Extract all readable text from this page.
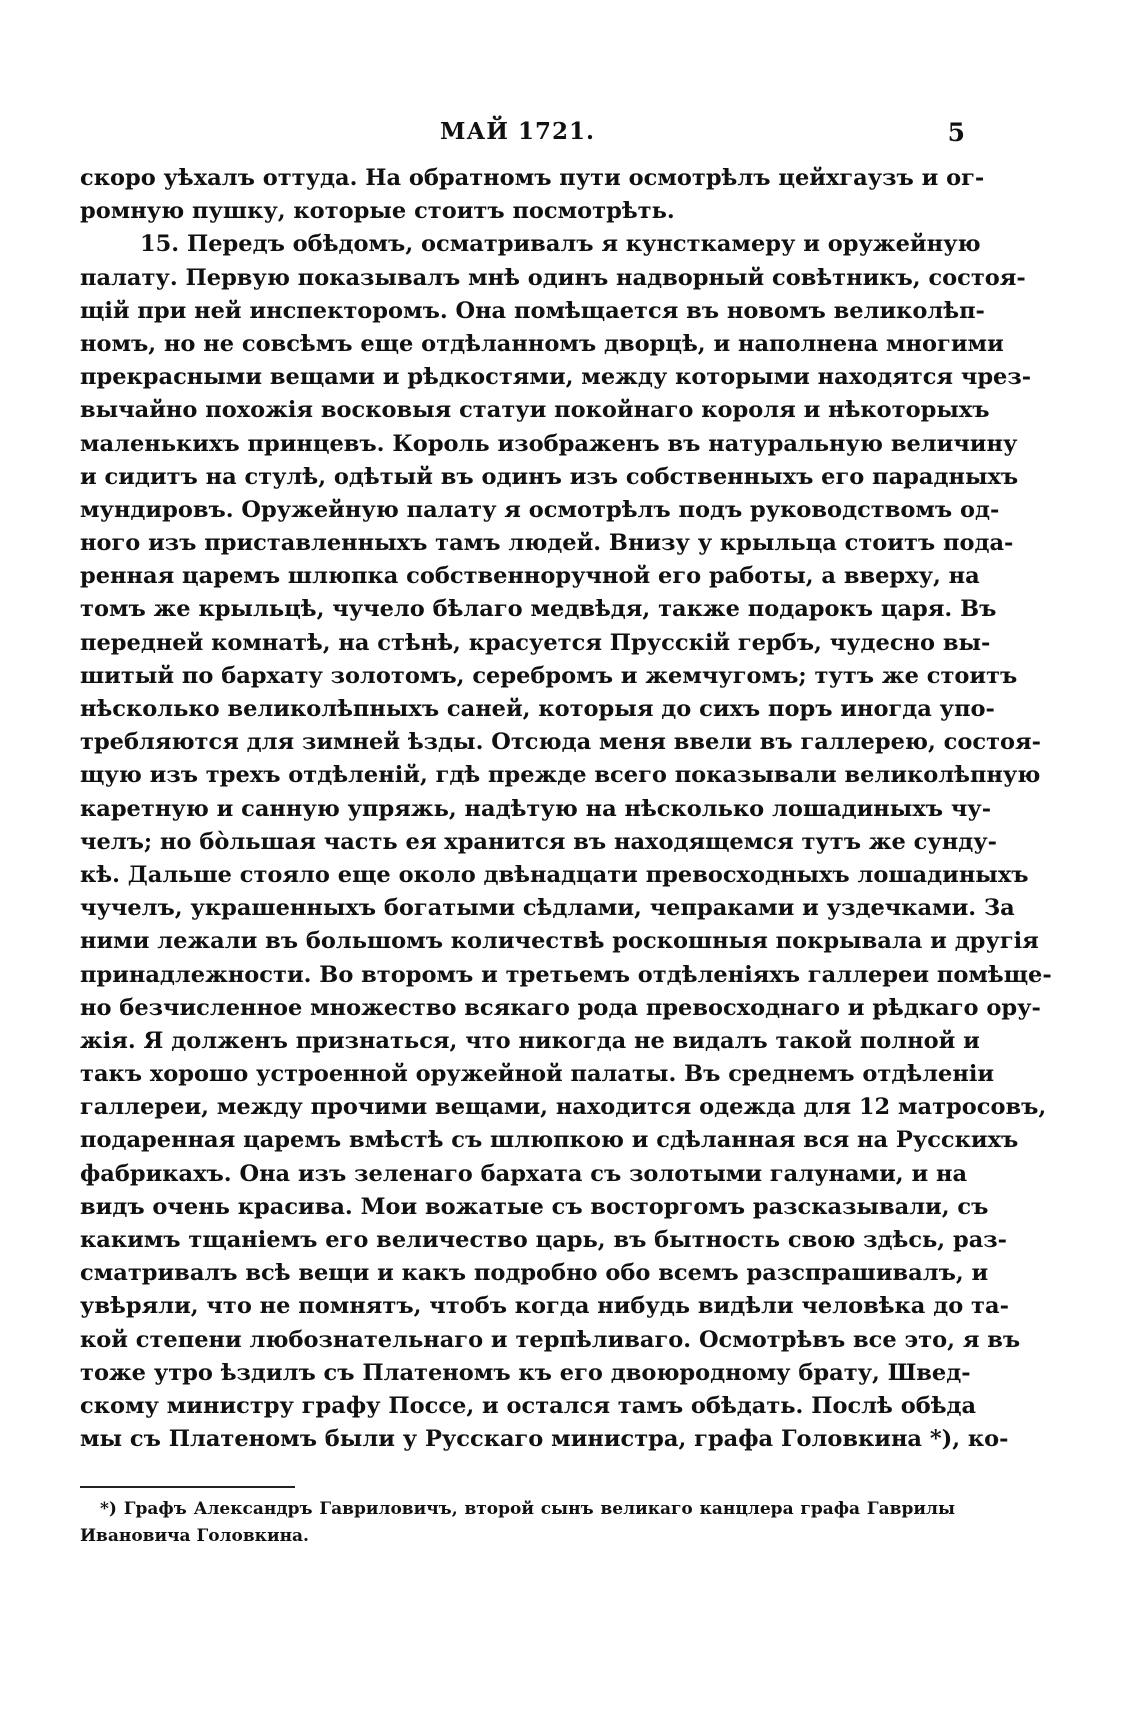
МАЙ 1721.	5
скоро уѣхалъ оттуда. На обратномъ пути осмотрѣлъ цейхгаузъ и ог-
ромную пушку, которые стоитъ посмотрѣть.
15. Передъ обѣдомъ, осматривалъ я кунсткамеру и оружейную
палату. Первую показывалъ мнѣ одинъ надворный совѣтникъ, состоя-
щій при ней инспекторомъ. Она помѣщается въ новомъ великолѣп-
номъ, но не совсѣмъ еще отдѣланномъ дворцѣ, и наполнена многими
прекрасными вещами и рѣдкостями, между которыми находятся чрез-
вычайно похожія восковыя статуи покойнаго короля и нѣкоторыхъ
маленькихъ принцевъ. Король изображенъ въ натуральную величину
и сидитъ на стулѣ, одѣтый въ одинъ изъ собственныхъ его парадныхъ
мундировъ. Оружейную палату я осмотрѣлъ подъ руководствомъ од-
ного изъ приставленныхъ тамъ людей. Внизу у крыльца стоитъ пода-
ренная царемъ шлюпка собственноручной его работы, а вверху, на
томъ же крыльцѣ, чучело бѣлаго медвѣдя, также подарокъ царя. Въ
передней комнатѣ, на стѣнѣ, красуется Прусскій гербъ, чудесно вы-
шитый по бархату золотомъ, серебромъ и жемчугомъ; тутъ же стоитъ
нѣсколько великолѣпныхъ саней, которыя до сихъ поръ иногда упо-
требляются для зимней ѣзды. Отсюда меня ввели въ галлерею, состоя-
щую изъ трехъ отдѣленій, гдѣ прежде всего показывали великолѣпную
каретную и санную упряжь, надѣтую на нѣсколько лошадиныхъ чу-
челъ; но бо̀льшая часть ея хранится въ находящемся тутъ же сунду-
кѣ. Дальше стояло еще около двѣнадцати превосходныхъ лошадиныхъ
чучелъ, украшенныхъ богатыми сѣдлами, чепраками и уздечками. За
ними лежали въ большомъ количествѣ роскошныя покрывала и другія
принадлежности. Во второмъ и третьемъ отдѣленіяхъ галлереи помѣще-
но безчисленное множество всякаго рода превосходнаго и рѣдкаго ору-
жія. Я долженъ признаться, что никогда не видалъ такой полной и
такъ хорошо устроенной оружейной палаты. Въ среднемъ отдѣленіи
галлереи, между прочими вещами, находится одежда для 12 матросовъ,
подаренная царемъ вмѣстѣ съ шлюпкою и сдѣланная вся на Русскихъ
фабрикахъ. Она изъ зеленаго бархата съ золотыми галунами, и на
видъ очень красива. Мои вожатые съ восторгомъ разсказывали, съ
какимъ тщаніемъ его величество царь, въ бытность свою здѣсь, раз-
сматривалъ всѣ вещи и какъ подробно обо всемъ разспрашивалъ, и
увѣряли, что не помнятъ, чтобъ когда нибудь видѣли человѣка до та-
кой степени любознательнаго и терпѣливаго. Осмотрѣвъ все это, я въ
тоже утро ѣздилъ съ Платеномъ къ его двоюродному брату, Швед-
скому министру графу Поссе, и остался тамъ обѣдать. Послѣ обѣда
мы съ Платеномъ были у Русскаго министра, графа Головкина *), ко-
*) Графъ Александръ Гавриловичъ, второй сынъ великаго канцлера графа Гаврилы
Ивановича Головкина.
